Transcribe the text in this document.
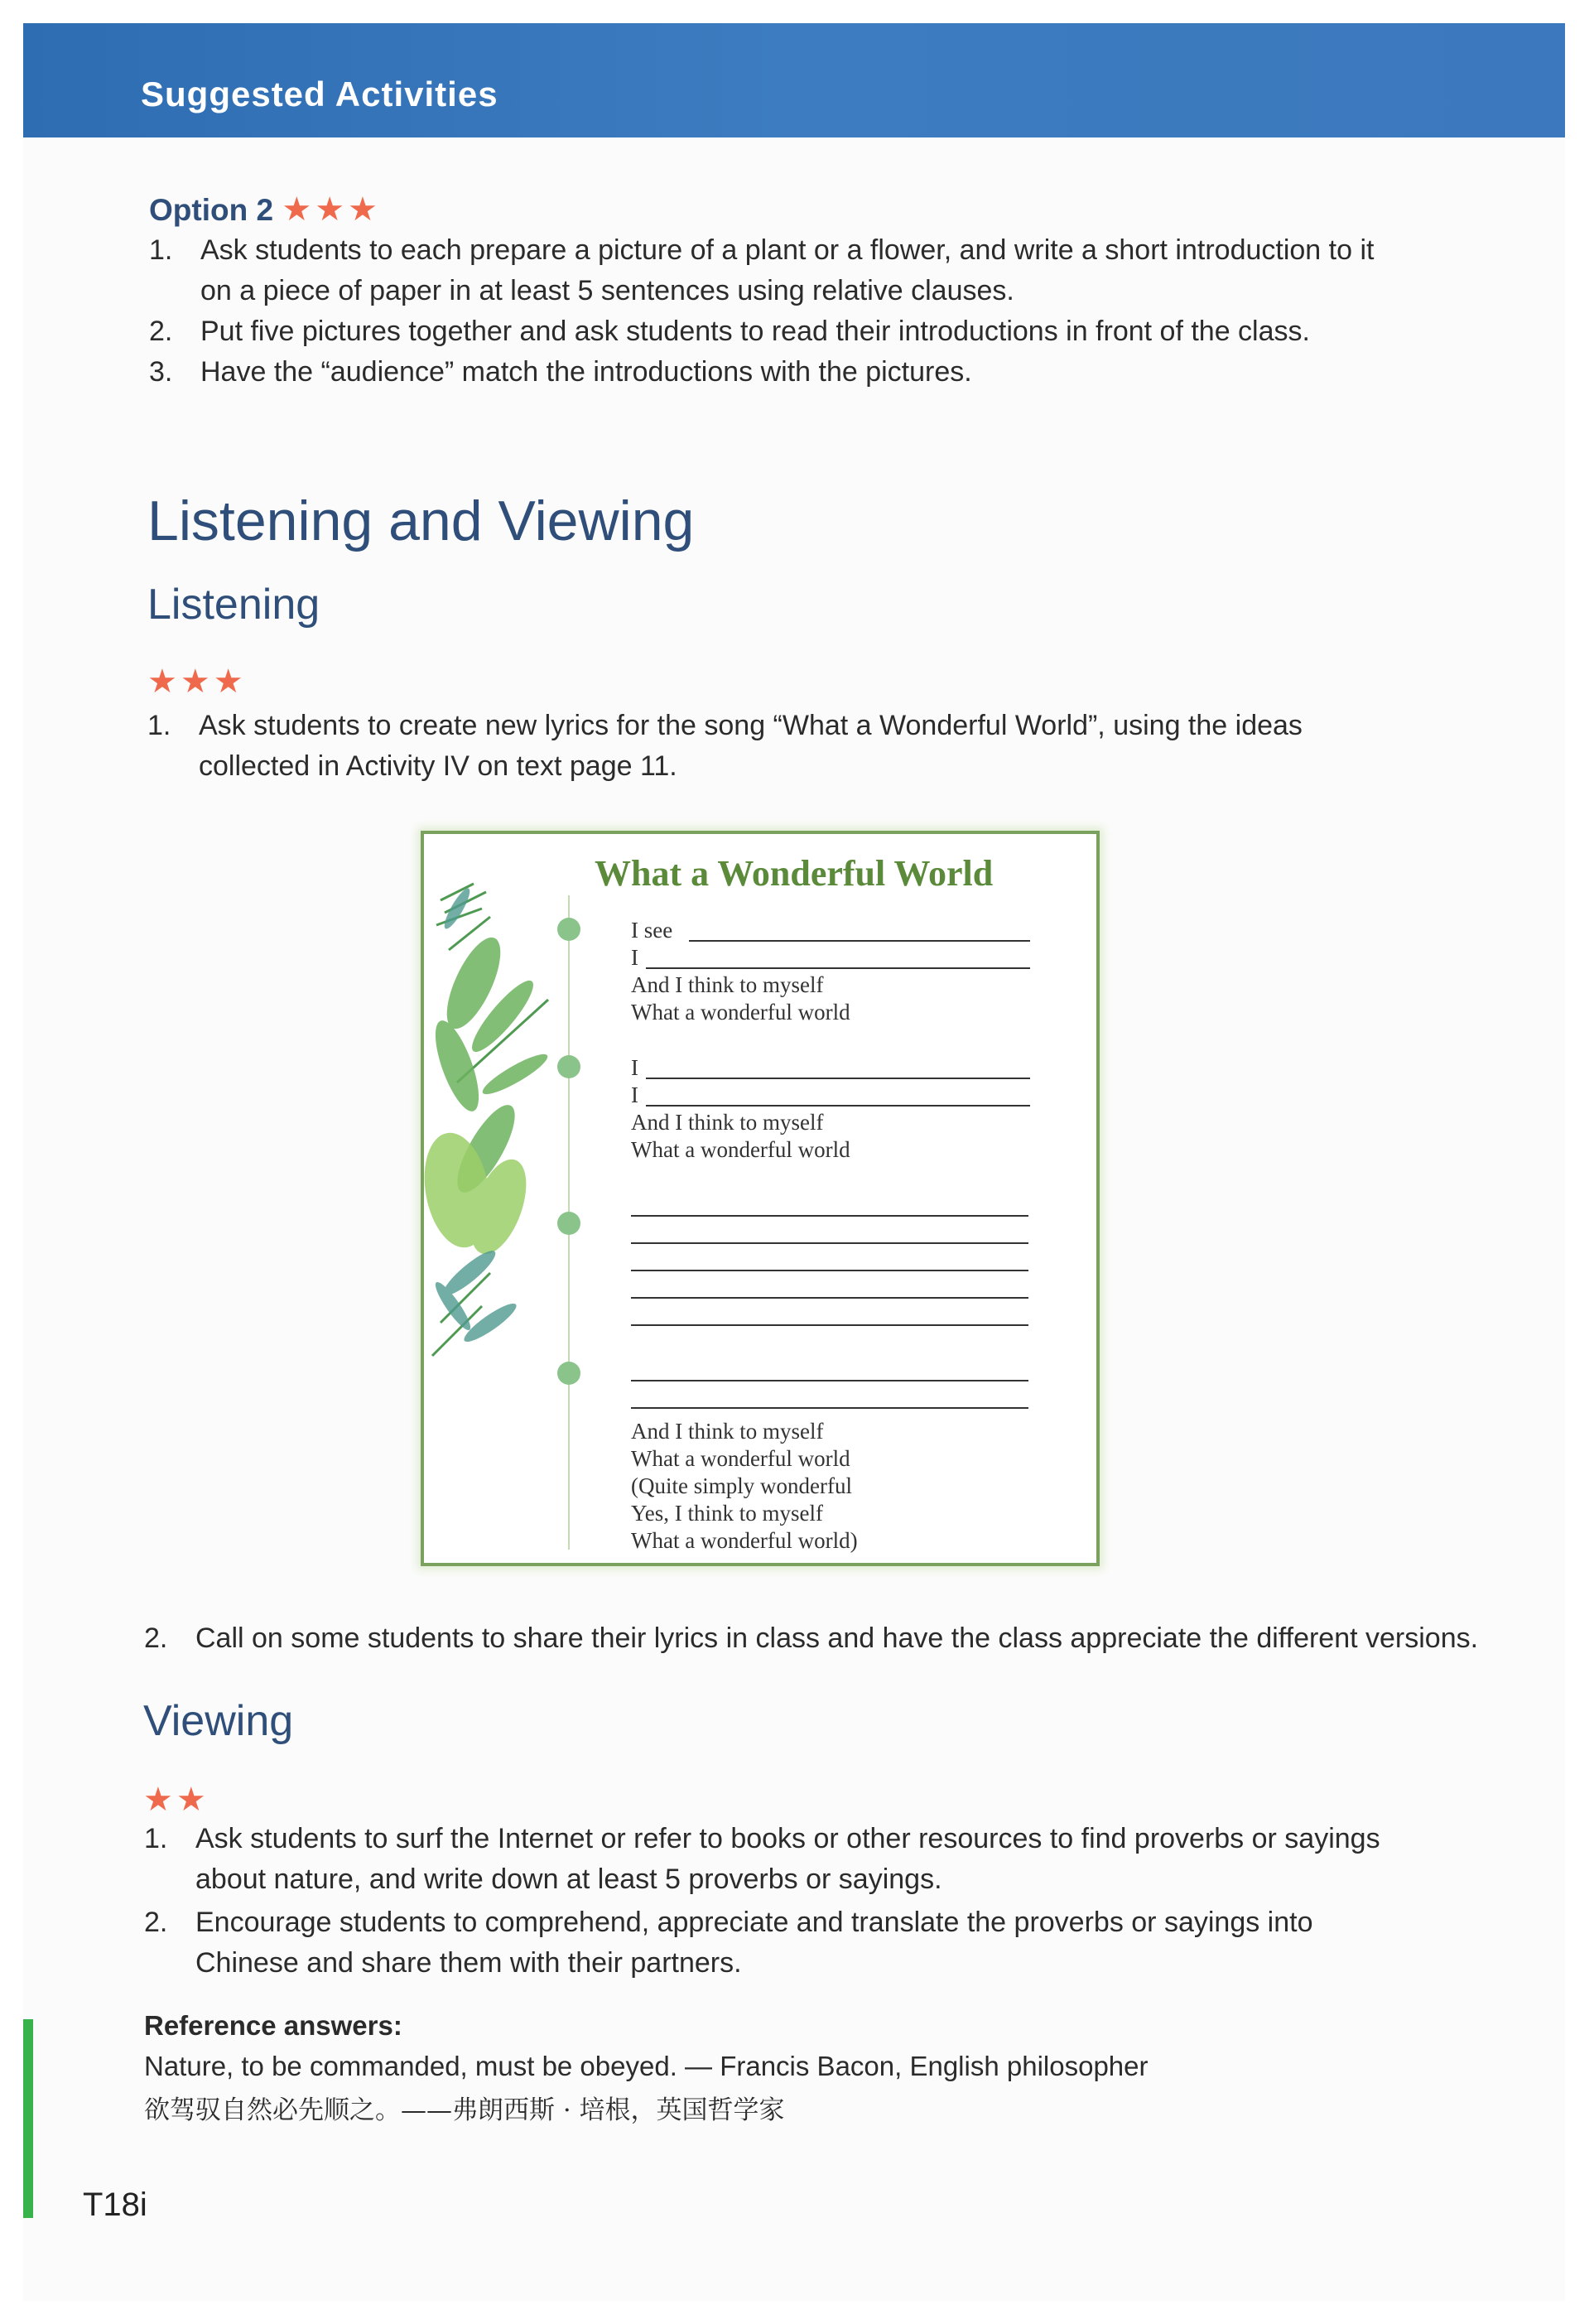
Suggested Activities
Option 2 ★★★
1. Ask students to each prepare a picture of a plant or a flower, and write a short introduction to it
on a piece of paper in at least 5 sentences using relative clauses.
2. Put five pictures together and ask students to read their introductions in front of the class.
3. Have the “audience” match the introductions with the pictures.
Listening and Viewing
Listening
★★★
1. Ask students to create new lyrics for the song “What a Wonderful World”, using the ideas
collected in Activity IV on text page 11.
What a Wonderful World
I see
I
And I think to myself
What a wonderful world
I
I
And I think to myself
What a wonderful world
And I think to myself
What a wonderful world
(Quite simply wonderful
Yes, I think to myself
What a wonderful world)
2. Call on some students to share their lyrics in class and have the class appreciate the different versions.
Viewing
★★
1. Ask students to surf the Internet or refer to books or other resources to find proverbs or sayings
about nature, and write down at least 5 proverbs or sayings.
2. Encourage students to comprehend, appreciate and translate the proverbs or sayings into
Chinese and share them with their partners.
Reference answers:
Nature, to be commanded, must be obeyed. — Francis Bacon, English philosopher
欲驾驭自然必先顺之。——弗朗西斯 · 培根，英国哲学家
T18i
